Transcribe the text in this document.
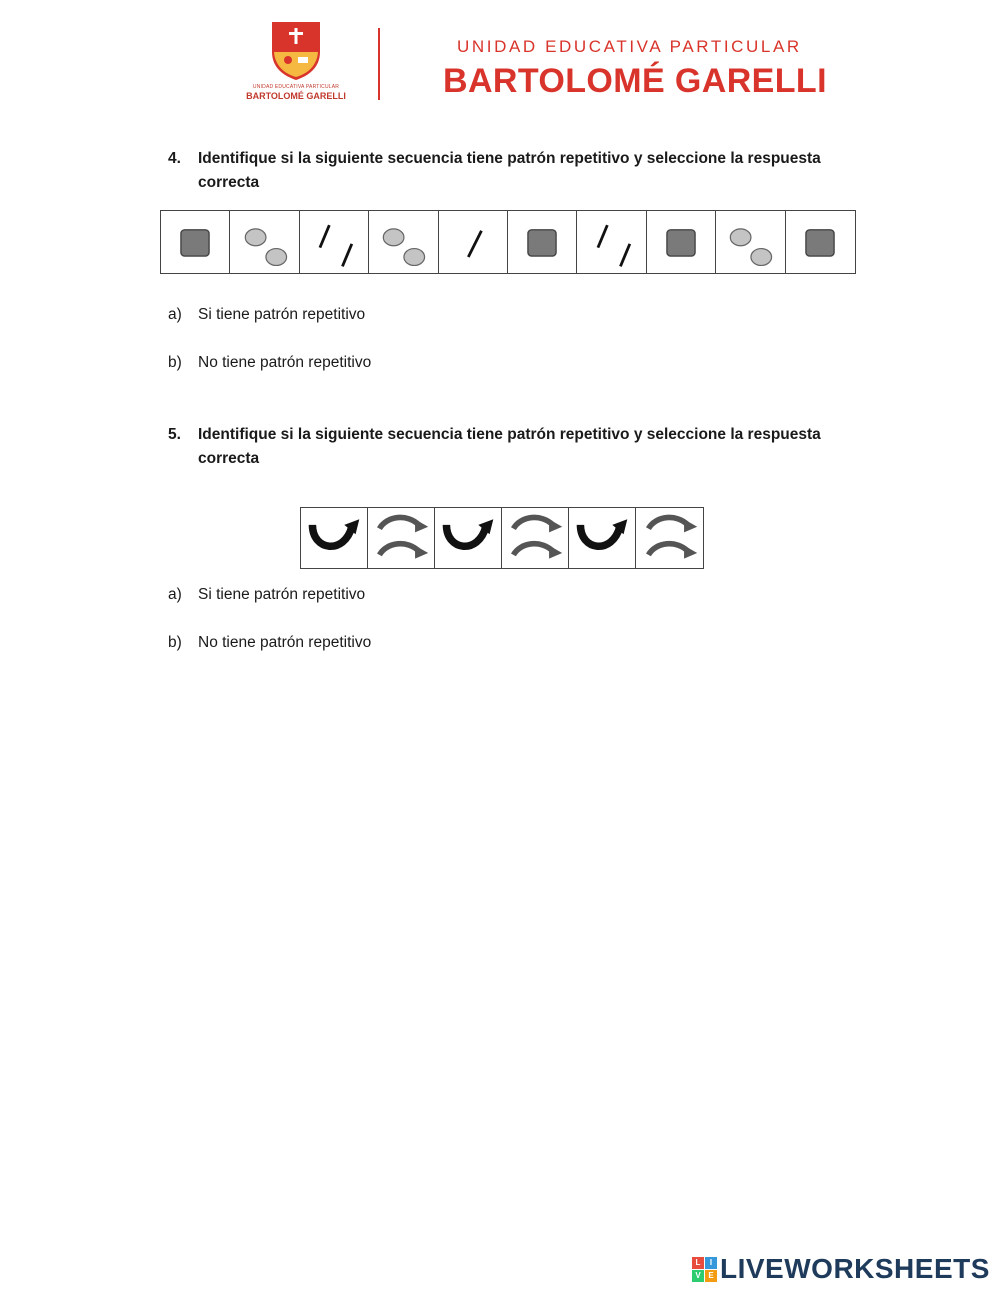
UNIDAD EDUCATIVA PARTICULAR
BARTOLOMÉ GARELLI
UNIDAD EDUCATIVA PARTICULAR
BARTOLOMÉ GARELLI
4. Identifique si la siguiente secuencia tiene patrón repetitivo y seleccione la respuesta correcta
a) Si tiene patrón repetitivo
b) No tiene patrón repetitivo
5. Identifique si la siguiente secuencia tiene patrón repetitivo y seleccione la respuesta correcta
a) Si tiene patrón repetitivo
b) No tiene patrón repetitivo
L	I
V E LIVEWORKSHEETS
